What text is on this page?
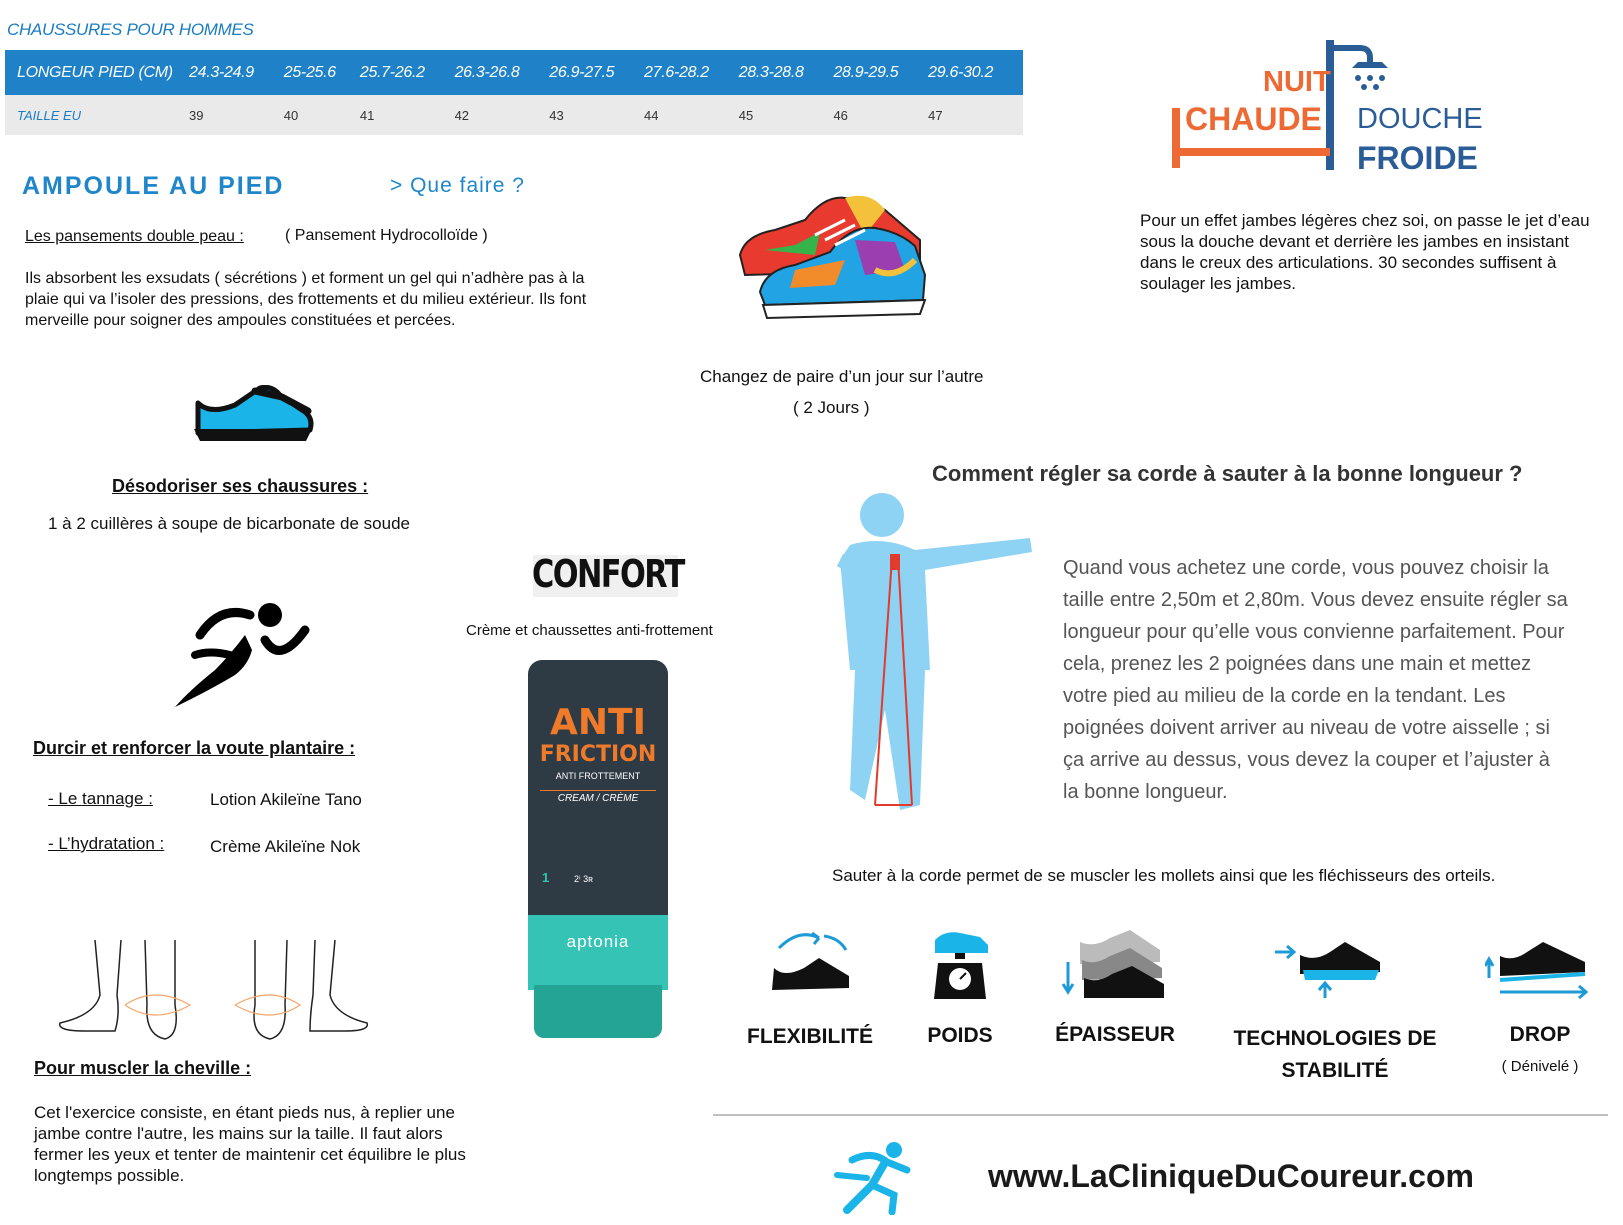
CHAUSSURES POUR HOMMES
LONGEUR PIED (CM)	24.3-24.9	25-25.6	25.7-26.2	26.3-26.8	26.9-27.5	27.6-28.2	28.3-28.8	28.9-29.5	29.6-30.2
TAILLE EU	39	40	41	42	43	44	45	46	47
AMPOULE AU PIED	> Que faire ?
Les pansements double peau :	( Pansement Hydrocolloïde )
Ils absorbent les exsudats ( sécrétions ) et forment un gel qui n’adhère pas à la plaie qui va l’isoler des pressions, des frottements et du milieu extérieur. Ils font merveille pour soigner des ampoules constituées et percées.
Désodoriser ses chaussures :
1 à 2 cuillères à soupe de bicarbonate de soude
Durcir et renforcer la voute plantaire :
- Le tannage :	Lotion Akileïne Tano
- L’hydratation :	Crème Akileïne Nok
Pour muscler la cheville :
Cet l'exercice consiste, en étant pieds nus, à replier une jambe contre l'autre, les mains sur la taille. Il faut alors fermer les yeux et tenter de maintenir cet équilibre le plus longtemps possible.
Changez de paire d’un jour sur l’autre
( 2 Jours )
CONFORT
Crème et chaussettes anti-frottement
ANTI
FRICTION
ANTI FROTTEMENT
CREAM / CRÈME
1	2ⁱ 3ʀ
aptonia
NUIT
CHAUDE DOUCHE
FROIDE
Pour un effet jambes légères chez soi, on passe le jet d’eau sous la douche devant et derrière les jambes en insistant dans le creux des articulations. 30 secondes suffisent à soulager les jambes.
Comment régler sa corde à sauter à la bonne longueur ?
Quand vous achetez une corde, vous pouvez choisir la taille entre 2,50m et 2,80m. Vous devez ensuite régler sa longueur pour qu’elle vous convienne parfaitement. Pour cela, prenez les 2 poignées dans une main et mettez votre pied au milieu de la corde en la tendant. Les poignées doivent arriver au niveau de votre aisselle ; si ça arrive au dessus, vous devez la couper et l’ajuster à la bonne longueur.
Sauter à la corde permet de se muscler les mollets ainsi que les fléchisseurs des orteils.
FLEXIBILITÉ	POIDS	ÉPAISSEUR	TECHNOLOGIES DE STABILITÉ
DROP
( Dénivelé )
www.LaCliniqueDuCoureur.com
